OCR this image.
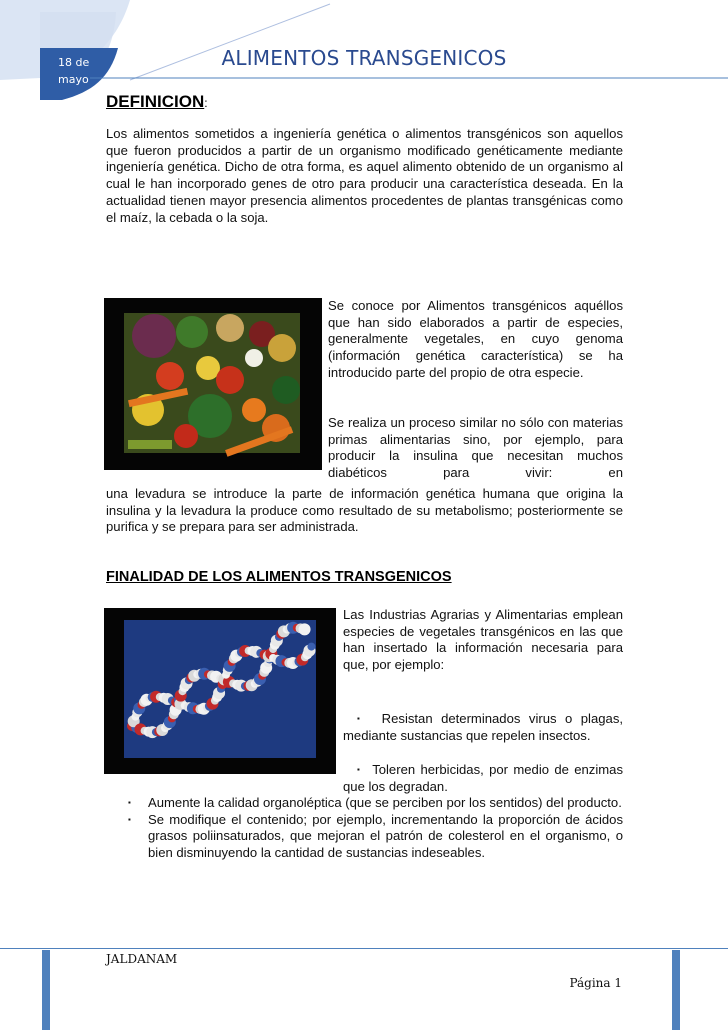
18 de
mayo
ALIMENTOS TRANSGENICOS
DEFINICION:

Los alimentos sometidos a ingeniería genética o alimentos transgénicos son aquellos que fueron producidos a partir de un organismo modificado genéticamente mediante ingeniería genética. Dicho de otra forma, es aquel alimento obtenido de un organismo al cual le han incorporado genes de otro para producir una característica deseada. En la actualidad tienen mayor presencia alimentos procedentes de plantas transgénicas como el maíz, la cebada o la soja.

Se conoce por Alimentos transgénicos aquéllos que han sido elaborados a partir de especies, generalmente vegetales, en cuyo genoma (información genética característica) se ha introducido parte del propio de otra especie.

Se realiza un proceso similar no sólo con materias primas alimentarias sino, por ejemplo, para producir la insulina que necesitan muchos diabéticos para vivir: en

una levadura se introduce la parte de información genética humana que origina la insulina y la levadura la produce como resultado de su metabolismo; posteriormente se purifica y se prepara para ser administrada.

FINALIDAD DE LOS ALIMENTOS TRANSGENICOS

Las Industrias Agrarias y Alimentarias emplean especies de vegetales transgénicos en las que han insertado la información necesaria para que, por ejemplo:

▪ Resistan determinados virus o plagas, mediante sustancias que repelen insectos.

▪ Toleren herbicidas, por medio de enzimas que los degradan.

▪	Aumente la calidad organoléptica (que se perciben por los sentidos) del producto.

▪	Se modifique el contenido; por ejemplo, incrementando la proporción de ácidos grasos poliinsaturados, que mejoran el patrón de colesterol en el organismo, o bien disminuyendo la cantidad de sustancias indeseables.

JALDANAM
Página 1
